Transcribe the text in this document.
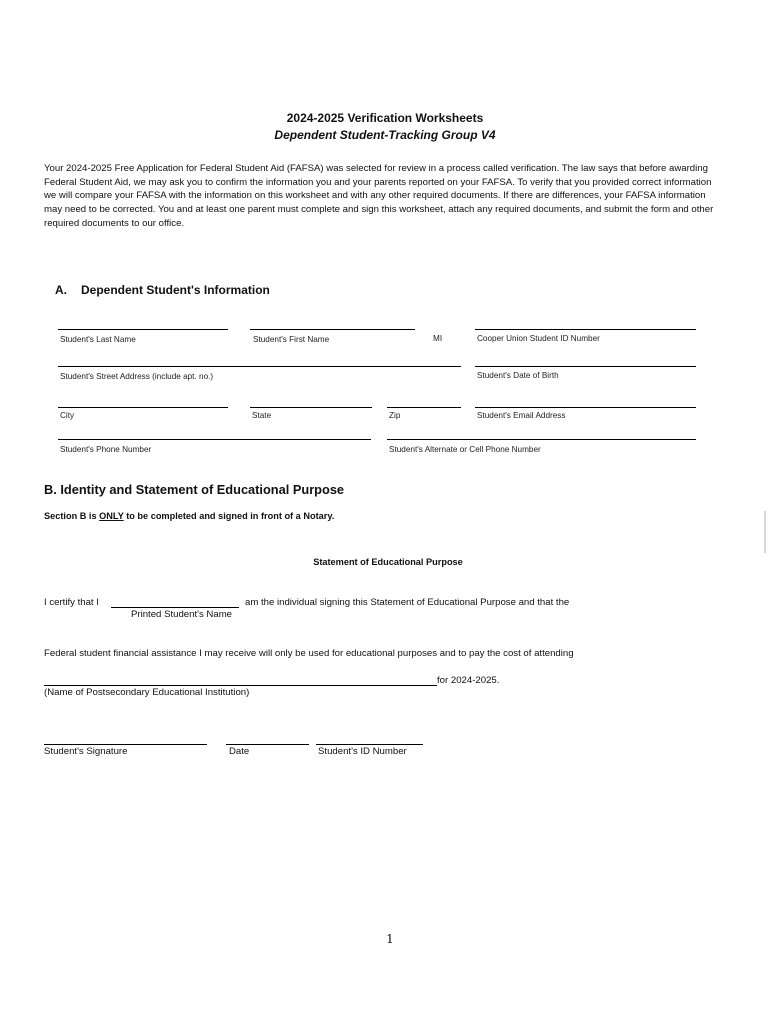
2024-2025 Verification Worksheets
Dependent Student-Tracking Group V4
Your 2024-2025 Free Application for Federal Student Aid (FAFSA) was selected for review in a process called verification. The law says that before awarding Federal Student Aid, we may ask you to confirm the information you and your parents reported on your FAFSA. To verify that you provided correct information we will compare your FAFSA with the information on this worksheet and with any other required documents. If there are differences, your FAFSA information may need to be corrected. You and at least one parent must complete and sign this worksheet, attach any required documents, and submit the form and other required documents to our office.
A. Dependent Student's Information
Student's Last Name	Student's First Name	MI	Cooper Union Student ID Number
Student's Street Address (include apt. no.)	Student's Date of Birth
City	State	Zip	Student's Email Address
Student's Phone Number	Student's Alternate or Cell Phone Number
B. Identity and Statement of Educational Purpose
Section B is ONLY to be completed and signed in front of a Notary.
Statement of Educational Purpose
I certify that I	am the individual signing this Statement of Educational Purpose and that the
Printed Student's Name
Federal student financial assistance I may receive will only be used for educational purposes and to pay the cost of attending
for 2024-2025.
(Name of Postsecondary Educational Institution)
Student's Signature	Date	Student's ID Number
1
